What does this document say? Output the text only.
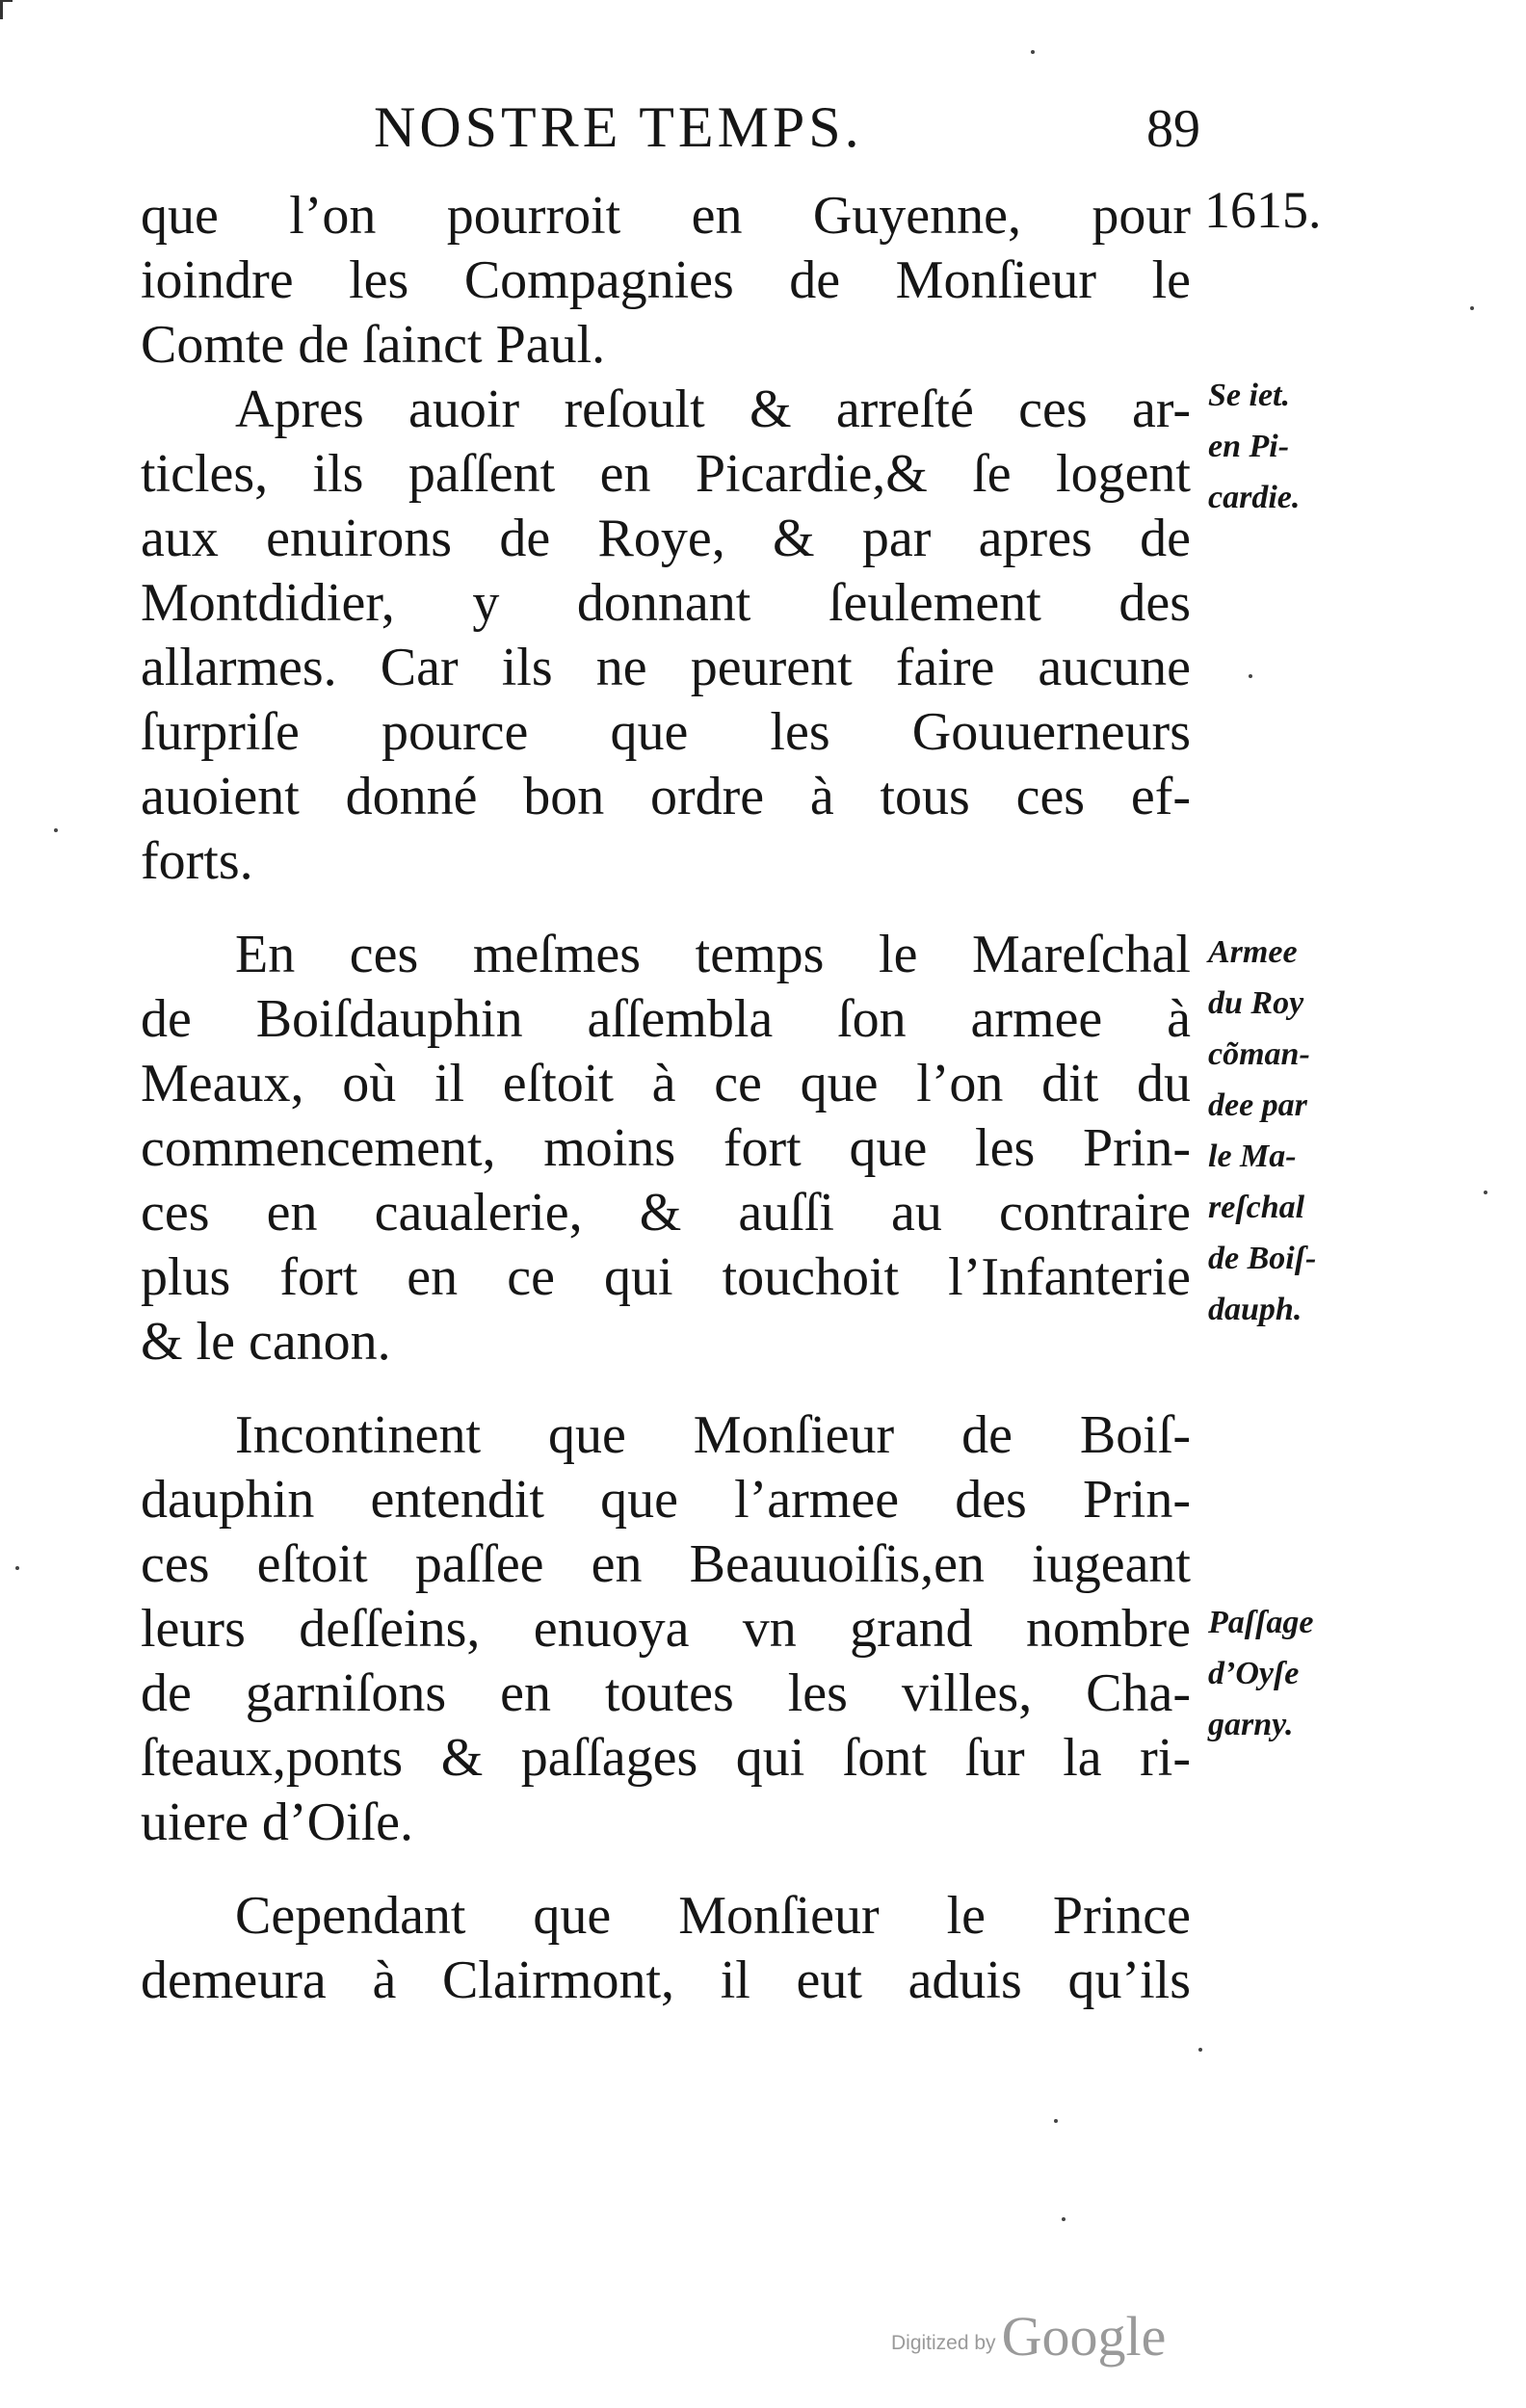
NOSTRE TEMPS.	89
1615.
que l’on pourroit en Guyenne, pour
ioindre les Compagnies de Monſieur le
Comte de ſainct Paul.
Apres auoir reſoult & arreſté ces ar-
ticles, ils paſſent en Picardie,& ſe logent
aux enuirons de Roye, & par apres de
Montdidier, y donnant ſeulement des
allarmes. Car ils ne peurent faire aucune
ſurpriſe pource que les Gouuerneurs
auoient donné bon ordre à tous ces ef-
forts.
En ces meſmes temps le Mareſchal
de Boiſdauphin aſſembla ſon armee à
Meaux, où il eſtoit à ce que l’on dit du
commencement, moins fort que les Prin-
ces en caualerie, & auſſi au contraire
plus fort en ce qui touchoit l’Infanterie
& le canon.
Incontinent que Monſieur de Boiſ-
dauphin entendit que l’armee des Prin-
ces eſtoit paſſee en Beauuoiſis,en iugeant
leurs deſſeins, enuoya vn grand nombre
de garniſons en toutes les villes, Cha-
ſteaux,ponts & paſſages qui ſont ſur la ri-
uiere d’Oiſe.
Cependant que Monſieur le Prince
demeura à Clairmont, il eut aduis qu’ils
Se iet.
en Pi-
cardie.
Armee
du Roy
cõman-
dee par
le Ma-
reſchal
de Boiſ-
dauph.
Paſſage
d’Oyſe
garny.
Digitized by Google
